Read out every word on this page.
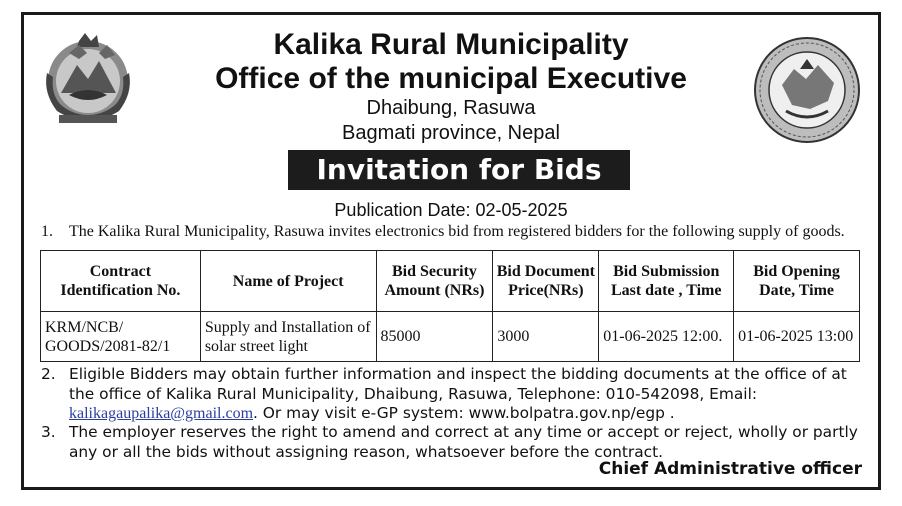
Kalika Rural Municipality
Office of the municipal Executive
Dhaibung, Rasuwa
Bagmati province, Nepal
Invitation for Bids
Publication Date: 02-05-2025
1. The Kalika Rural Municipality, Rasuwa invites electronics bid from registered bidders for the following supply of goods.
Contract Identification No.	Name of Project	Bid Security Amount (NRs)	Bid Document Price(NRs)	Bid Submission Last date , Time	Bid Opening Date, Time
KRM/NCB/ GOODS/2081-82/1	Supply and Installation of solar street light	85000	3000	01-06-2025 12:00.	01-06-2025 13:00
2. Eligible Bidders may obtain further information and inspect the bidding documents at the office of at the office of Kalika Rural Municipality, Dhaibung, Rasuwa, Telephone: 010-542098, Email: kalikagaupalika@gmail.com. Or may visit e-GP system: www.bolpatra.gov.np/egp .
3. The employer reserves the right to amend and correct at any time or accept or reject, wholly or partly any or all the bids without assigning reason, whatsoever before the contract.
Chief Administrative officer
